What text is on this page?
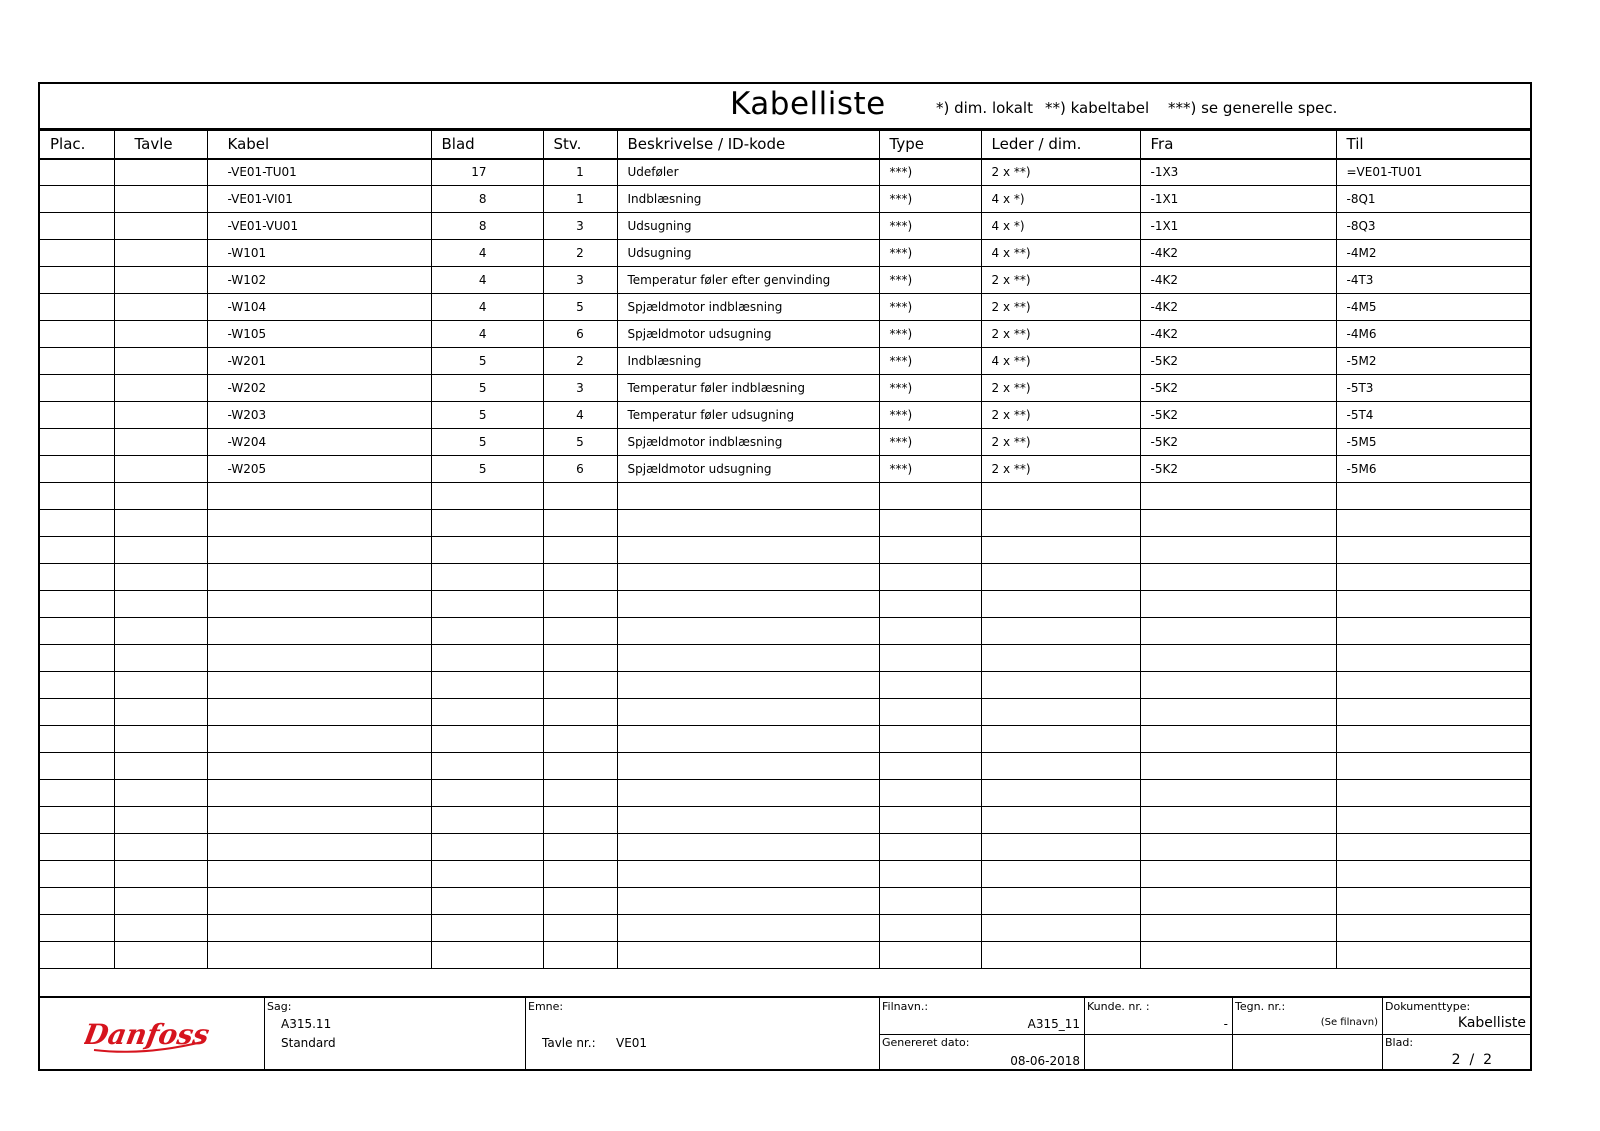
Kabelliste	*) dim. lokalt **) kabeltabel ***) se generelle spec.
Plac.	Tavle	Kabel	Blad	Stv.	Beskrivelse / ID-kode	Type	Leder / dim.	Fra	Til
		-VE01-TU01	17	1	Udeføler	***)	2 x **)	-1X3	=VE01-TU01
		-VE01-VI01	8	1	Indblæsning	***)	4 x *)	-1X1	-8Q1
		-VE01-VU01	8	3	Udsugning	***)	4 x *)	-1X1	-8Q3
		-W101	4	2	Udsugning	***)	4 x **)	-4K2	-4M2
		-W102	4	3	Temperatur føler efter genvinding	***)	2 x **)	-4K2	-4T3
		-W104	4	5	Spjældmotor indblæsning	***)	2 x **)	-4K2	-4M5
		-W105	4	6	Spjældmotor udsugning	***)	2 x **)	-4K2	-4M6
		-W201	5	2	Indblæsning	***)	4 x **)	-5K2	-5M2
		-W202	5	3	Temperatur føler indblæsning	***)	2 x **)	-5K2	-5T3
		-W203	5	4	Temperatur føler udsugning	***)	2 x **)	-5K2	-5T4
		-W204	5	5	Spjældmotor indblæsning	***)	2 x **)	-5K2	-5M5
		-W205	5	6	Spjældmotor udsugning	***)	2 x **)	-5K2	-5M6

Danfoss
Sag:
A315.11
Standard
Emne:
Tavle nr.: VE01
Filnavn.:
A315_11
Genereret dato:
08-06-2018
Kunde. nr. :
-
Tegn. nr.:
(Se filnavn)
Dokumenttype:
Kabelliste
Blad:
2  /  2
